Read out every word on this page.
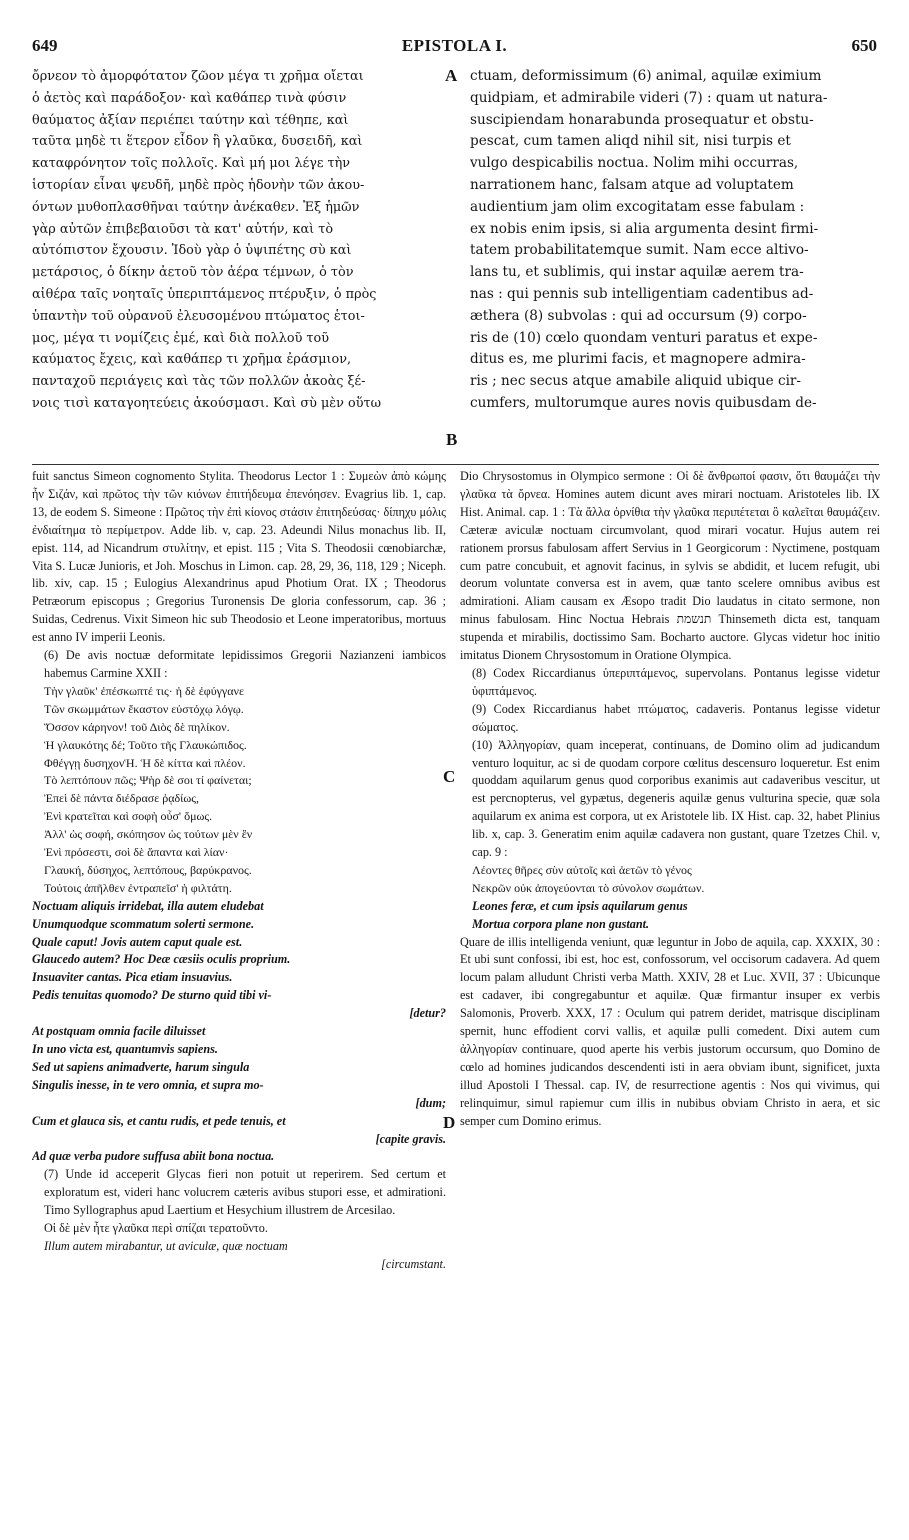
649	EPISTOLA I.	650
A
B
C
D
ὄρνεον τὸ ἀμορφότατον ζῶον μέγα τι χρῆμα οἴεται
ὁ ἀετὸς καὶ παράδοξον· καὶ καθάπερ τινὰ φύσιν
θαύματος ἀξίαν περιέπει ταύτην καὶ τέθηπε, καὶ
ταῦτα μηδὲ τι ἕτερον εἶδον ἢ γλαῦκα, δυσειδῆ, καὶ
καταφρόνητον τοῖς πολλοῖς. Καὶ μή μοι λέγε τὴν
ἱστορίαν εἶναι ψευδῆ, μηδὲ πρὸς ἡδονὴν τῶν ἀκου-
όντων μυθοπλασθῆναι ταύτην ἀνέκαθεν. Ἐξ ἡμῶν
γὰρ αὐτῶν ἐπιβεβαιοῦσι τὰ κατ' αὐτήν, καὶ τὸ
αὐτόπιστον ἔχουσιν. Ἰδοὺ γὰρ ὁ ὑψιπέτης σὺ καὶ
μετάρσιος, ὁ δίκην ἀετοῦ τὸν ἀέρα τέμνων, ὁ τὸν
αἰθέρα ταῖς νοηταῖς ὑπεριπτάμενος πτέρυξιν, ὁ πρὸς
ὑπαντὴν τοῦ οὐρανοῦ ἐλευσομένου πτώματος ἑτοι-
μος, μέγα τι νομίζεις ἐμέ, καὶ διὰ πολλοῦ τοῦ
καύματος ἔχεις, καὶ καθάπερ τι χρῆμα ἐράσμιον,
πανταχοῦ περιάγεις καὶ τὰς τῶν πολλῶν ἀκοὰς ξέ-
νοις τισὶ καταγοητεύεις ἀκούσμασι. Καὶ σὺ μὲν οὕτω
ctuam, deformissimum (6) animal, aquilæ eximium
quidpiam, et admirabile videri (7) : quam ut natura-
suscipiendam honarabunda prosequatur et obstu-
pescat, cum tamen aliqd nihil sit, nisi turpis et
vulgo despicabilis noctua. Nolim mihi occurras,
narrationem hanc, falsam atque ad voluptatem
audientium jam olim excogitatam esse fabulam :
ex nobis enim ipsis, si alia argumenta desint firmi-
tatem probabilitatemque sumit. Nam ecce altivo-
lans tu, et sublimis, qui instar aquilæ aerem tra-
nas : qui pennis sub intelligentiam cadentibus ad-
æthera (8) subvolas : qui ad occursum (9) corpo-
ris de (10) cœlo quondam venturi paratus et expe-
ditus es, me plurimi facis, et magnopere admira-
ris ; nec secus atque amabile aliquid ubique cir-
cumfers, multorumque aures novis quibusdam de-

fuit sanctus Simeon cognomento Stylita. Theodorus Lector 1 : Συμεὼν ἀπὸ κώμης ἦν Σιζάν, καὶ πρῶτος τὴν τῶν κιόνων ἐπιτήδευμα ἐπενόησεν. Evagrius lib. 1, cap. 13, de eodem S. Simeone : Πρῶτος τὴν ἐπὶ κίονος στάσιν ἐπιτηδεύσας· δίπηχυ μόλις ἐνδιαίτημα τὸ περίμετρον. Adde lib. v, cap. 23. Adeundi Nilus monachus lib. II, epist. 114, ad Nicandrum στυλίτην, et epist. 115 ; Vita S. Theodosii cœnobiarchæ, Vita S. Lucæ Junioris, et Joh. Moschus in Limon. cap. 28, 29, 36, 118, 129 ; Niceph. lib. xiv, cap. 15 ; Eulogius Alexandrinus apud Photium Orat. IX ; Theodorus Petræorum episcopus ; Gregorius Turonensis De gloria confessorum, cap. 36 ; Suidas, Cedrenus. Vixit Simeon hic sub Theodosio et Leone imperatoribus, mortuus est anno IV imperii Leonis.

(6) De avis noctuæ deformitate lepidissimos Gregorii Nazianzeni iambicos habemus Carmine XXII :

Τὴν γλαῦκ' ἐπέσκωπτέ τις· ἡ δὲ ἐφύγγανε
Τῶν σκωμμάτων ἕκαστον εὐστόχῳ λόγῳ.
Ὅσσον κάρηνον! τοῦ Διὸς δὲ πηλίκον.
Ἡ γλαυκότης δέ; Τοῦτο τῆς Γλαυκώπιδος.
Φθέγγῃ δυσηχονἩ. Ἡ δὲ κίττα καὶ πλέον.
Τὸ λεπτόπουν πῶς; Ψὴρ δὲ σοι τί φαίνεται;
Ἐπεὶ δὲ πάντα διέδρασε ῥᾳδίως,
Ἐνὶ κρατεῖται καὶ σοφὴ οὖσ' ὅμως.
Ἀλλ' ὡς σοφή, σκόπησον ὡς τούτων μὲν ἓν
Ἐνὶ πρόσεστι, σοὶ δὲ ἅπαντα καὶ λίαν·
Γλαυκή, δύσηχος, λεπτόπους, βαρύκρανος.
Τούτοις ἀπῆλθεν ἐντραπεῖσ' ἡ φιλτάτη.
Noctuam aliquis irridebat, illa autem eludebat
Unumquodque scommatum solerti sermone.
Quale caput! Jovis autem caput quale est.
Glaucedo autem? Hoc Deæ cæsiis oculis proprium.
Insuaviter cantas. Pica etiam insuavius.
Pedis tenuitas quomodo? De sturno quid tibi vi-
[detur?
At postquam omnia facile diluisset
In uno victa est, quantumvis sapiens.
Sed ut sapiens animadverte, harum singula
Singulis inesse, in te vero omnia, et supra mo-
[dum;
Cum et glauca sis, et cantu rudis, et pede tenuis, et
[capite gravis.
Ad quæ verba pudore suffusa abiit bona noctua.

(7) Unde id acceperit Glycas fieri non potuit ut reperirem. Sed certum et exploratum est, videri hanc volucrem cæteris avibus stupori esse, et admirationi. Timo Syllographus apud Laertium et Hesychium illustrem de Arcesilao.

Οἱ δὲ μὲν ἦτε γλαῦκα περὶ σπίζαι τερατοῦντο.

Illum autem mirabantur, ut aviculæ, quæ noctuam

[circumstant.

Dio Chrysostomus in Olympico sermone : Οἱ δὲ ἄνθρωποί φασιν, ὅτι θαυμάζει τὴν γλαῦκα τὰ ὄρνεα. Homines autem dicunt aves mirari noctuam. Aristoteles lib. IX Hist. Animal. cap. 1 : Τὰ ἄλλα ὀρνίθια τὴν γλαῦκα περιπέτεται ὃ καλεῖται θαυμάζειν. Cæteræ aviculæ noctuam circumvolant, quod mirari vocatur. Hujus autem rei rationem prorsus fabulosam affert Servius in 1 Georgicorum : Nyctimene, postquam cum patre concubuit, et agnovit facinus, in sylvis se abdidit, et lucem refugit, ubi deorum voluntate conversa est in avem, quæ tanto scelere omnibus avibus est admirationi. Aliam causam ex Æsopo tradit Dio laudatus in citato sermone, non minus fabulosam. Hinc Noctua Hebrais תנשמת Thinsemeth dicta est, tanquam stupenda et mirabilis, doctissimo Sam. Bocharto auctore. Glycas videtur hoc initio imitatus Dionem Chrysostomum in Oratione Olympica.

(8) Codex Riccardianus ὑπεριπτάμενος, supervolans. Pontanus legisse videtur ὑφιπτάμενος.

(9) Codex Riccardianus habet πτώματος, cadaveris. Pontanus legisse videtur σώματος.

(10) Ἀλληγορίαν, quam inceperat, continuans, de Domino olim ad judicandum venturo loquitur, ac si de quodam corpore cœlitus descensuro loqueretur. Est enim quoddam aquilarum genus quod corporibus exanimis aut cadaveribus vescitur, ut est percnopterus, vel gypætus, degeneris aquilæ genus vulturina specie, quæ sola aquilarum ex anima est corpora, ut ex Aristotele lib. IX Hist. cap. 32, habet Plinius lib. x, cap. 3. Generatim enim aquilæ cadavera non gustant, quare Tzetzes Chil. v, cap. 9 :

Λέοντες θῆρες σὺν αὐτοῖς καὶ ἀετῶν τὸ γένος
Νεκρῶν οὐκ ἀπογεύονται τὸ σύνολον σωμάτων.
Leones feræ, et cum ipsis aquilarum genus
Mortua corpora plane non gustant.

Quare de illis intelligenda veniunt, quæ leguntur in Jobo de aquila, cap. XXXIX, 30 : Et ubi sunt confossi, ibi est, hoc est, confossorum, vel occisorum cadavera. Ad quem locum palam alludunt Christi verba Matth. XXIV, 28 et Luc. XVII, 37 : Ubicunque est cadaver, ibi congregabuntur et aquilæ. Quæ firmantur insuper ex verbis Salomonis, Proverb. XXX, 17 : Oculum qui patrem deridet, matrisque disciplinam spernit, hunc effodient corvi vallis, et aquilæ pulli comedent. Dixi autem cum ἀλληγορίαν continuare, quod aperte his verbis justorum occursum, quo Domino de cœlo ad homines judicandos descendenti isti in aera obviam ibunt, significet, juxta illud Apostoli I Thessal. cap. IV, de resurrectione agentis : Nos qui vivimus, qui relinquimur, simul rapiemur cum illis in nubibus obviam Christo in aera, et sic semper cum Domino erimus.
